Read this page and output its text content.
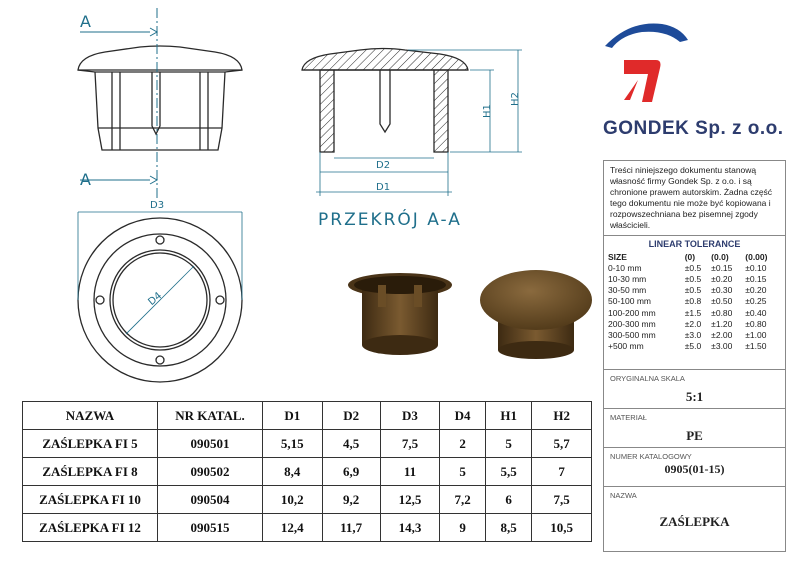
D2
D1
H1
H2
D3
D4
A
A
PRZEKRÓJ A-A
NAZWA	NR KATAL.	D1	D2	D3	D4	H1	H2
ZAŚLEPKA FI 5	090501	5,15	4,5	7,5	2	5	5,7
ZAŚLEPKA FI 8	090502	8,4	6,9	11	5	5,5	7
ZAŚLEPKA FI 10	090504	10,2	9,2	12,5	7,2	6	7,5
ZAŚLEPKA FI 12	090515	12,4	11,7	14,3	9	8,5	10,5
GONDEK Sp. z o.o.
Treści niniejszego dokumentu stanową własność firmy Gondek Sp. z o.o. i są chronione prawem autorskim. Żadna część tego dokumentu nie może być kopiowana i rozpowszechniana bez pisemnej zgody właścicieli.
LINEAR TOLERANCE
SIZE	(0)	(0.0)	(0.00)
0-10 mm	±0.5	±0.15	±0.10
10-30 mm	±0.5	±0.20	±0.15
30-50 mm	±0.5	±0.30	±0.20
50-100 mm	±0.8	±0.50	±0.25
100-200 mm	±1.5	±0.80	±0.40
200-300 mm	±2.0	±1.20	±0.80
300-500 mm	±3.0	±2.00	±1.00
+500 mm	±5.0	±3.00	±1.50
ORYGINALNA SKALA
5:1
MATERIAŁ
PE
NUMER KATALOGOWY
0905(01-15)
NAZWA
ZAŚLEPKA
